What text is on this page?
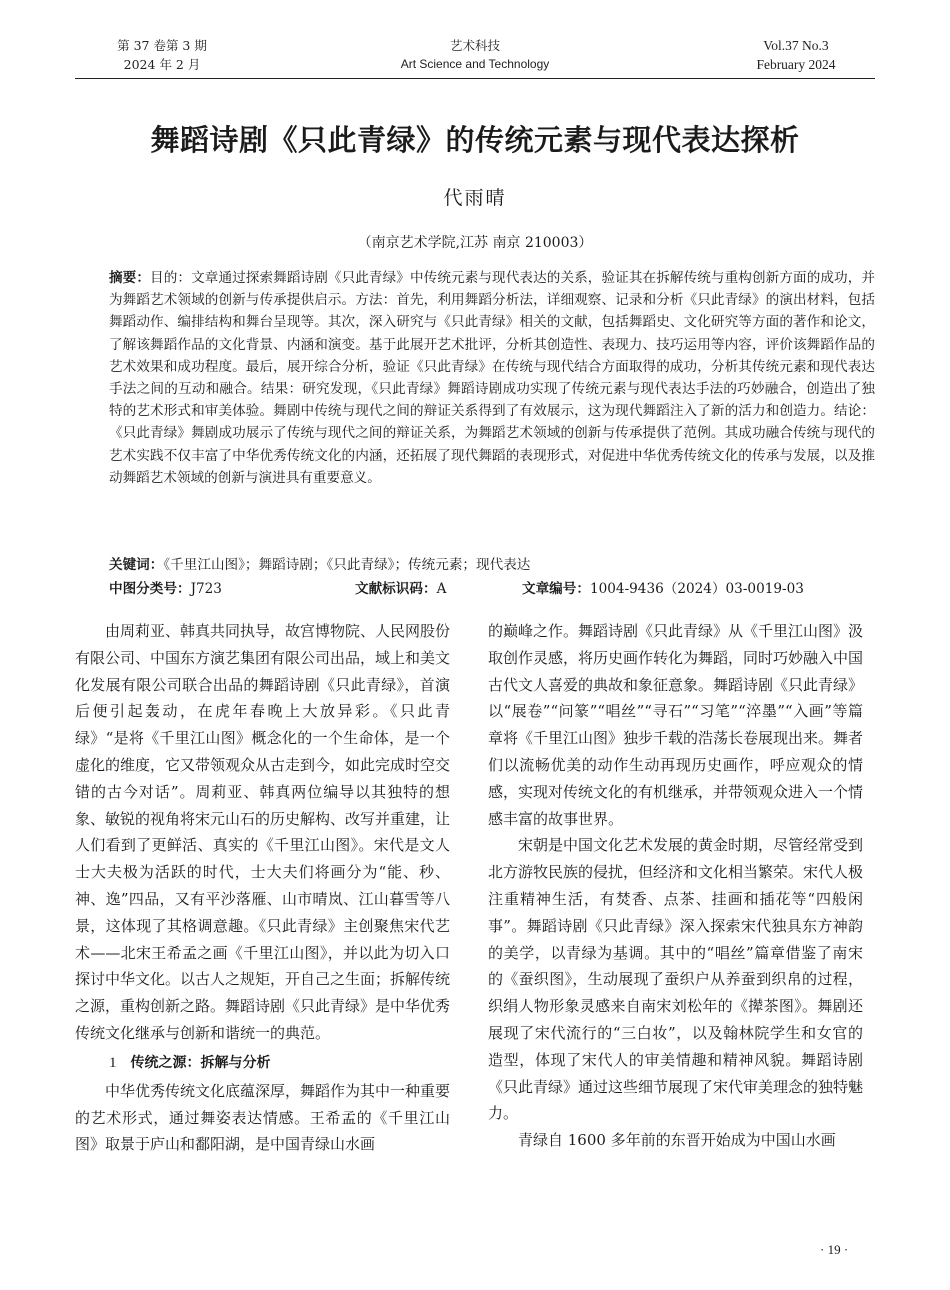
第 37 卷第 3 期
2024 年 2 月
艺术科技
Art Science and Technology
Vol.37 No.3
February 2024
舞蹈诗剧《只此青绿》的传统元素与现代表达探析
代雨晴
（南京艺术学院,江苏 南京 210003）
摘要：目的：文章通过探索舞蹈诗剧《只此青绿》中传统元素与现代表达的关系，验证其在拆解传统与重构创新方面的成功，并为舞蹈艺术领域的创新与传承提供启示。方法：首先，利用舞蹈分析法，详细观察、记录和分析《只此青绿》的演出材料，包括舞蹈动作、编排结构和舞台呈现等。其次，深入研究与《只此青绿》相关的文献，包括舞蹈史、文化研究等方面的著作和论文，了解该舞蹈作品的文化背景、内涵和演变。基于此展开艺术批评，分析其创造性、表现力、技巧运用等内容，评价该舞蹈作品的艺术效果和成功程度。最后，展开综合分析，验证《只此青绿》在传统与现代结合方面取得的成功，分析其传统元素和现代表达手法之间的互动和融合。结果：研究发现，《只此青绿》舞蹈诗剧成功实现了传统元素与现代表达手法的巧妙融合，创造出了独特的艺术形式和审美体验。舞剧中传统与现代之间的辩证关系得到了有效展示，这为现代舞蹈注入了新的活力和创造力。结论：《只此青绿》舞剧成功展示了传统与现代之间的辩证关系，为舞蹈艺术领域的创新与传承提供了范例。其成功融合传统与现代的艺术实践不仅丰富了中华优秀传统文化的内涵，还拓展了现代舞蹈的表现形式，对促进中华优秀传统文化的传承与发展，以及推动舞蹈艺术领域的创新与演进具有重要意义。
关键词：《千里江山图》；舞蹈诗剧；《只此青绿》；传统元素；现代表达
中图分类号：J723	文献标识码：A	文章编号：1004-9436（2024）03-0019-03

由周莉亚、韩真共同执导，故宫博物院、人民网股份有限公司、中国东方演艺集团有限公司出品，域上和美文化发展有限公司联合出品的舞蹈诗剧《只此青绿》，首演后便引起轰动，在虎年春晚上大放异彩。《只此青绿》“是将《千里江山图》概念化的一个生命体，是一个虚化的维度，它又带领观众从古走到今，如此完成时空交错的古今对话”。周莉亚、韩真两位编导以其独特的想象、敏锐的视角将宋元山石的历史解构、改写并重建，让人们看到了更鲜活、真实的《千里江山图》。宋代是文人士大夫极为活跃的时代，士大夫们将画分为“能、秒、神、逸”四品，又有平沙落雁、山市晴岚、江山暮雪等八景，这体现了其格调意趣。《只此青绿》主创聚焦宋代艺术——北宋王希孟之画《千里江山图》，并以此为切入口探讨中华文化。以古人之规矩，开自己之生面；拆解传统之源，重构创新之路。舞蹈诗剧《只此青绿》是中华优秀传统文化继承与创新和谐统一的典范。

1 传统之源：拆解与分析

中华优秀传统文化底蕴深厚，舞蹈作为其中一种重要的艺术形式，通过舞姿表达情感。王希孟的《千里江山图》取景于庐山和鄱阳湖，是中国青绿山水画

的巅峰之作。舞蹈诗剧《只此青绿》从《千里江山图》汲取创作灵感，将历史画作转化为舞蹈，同时巧妙融入中国古代文人喜爱的典故和象征意象。舞蹈诗剧《只此青绿》以“展卷”“问篆”“唱丝”“寻石”“习笔”“淬墨”“入画”等篇章将《千里江山图》独步千载的浩荡长卷展现出来。舞者们以流畅优美的动作生动再现历史画作，呼应观众的情感，实现对传统文化的有机继承，并带领观众进入一个情感丰富的故事世界。

宋朝是中国文化艺术发展的黄金时期，尽管经常受到北方游牧民族的侵扰，但经济和文化相当繁荣。宋代人极注重精神生活，有焚香、点茶、挂画和插花等“四般闲事”。舞蹈诗剧《只此青绿》深入探索宋代独具东方神韵的美学，以青绿为基调。其中的“唱丝”篇章借鉴了南宋的《蚕织图》，生动展现了蚕织户从养蚕到织帛的过程，织绢人物形象灵感来自南宋刘松年的《撵茶图》。舞剧还展现了宋代流行的“三白妆”，以及翰林院学生和女官的造型，体现了宋代人的审美情趣和精神风貌。舞蹈诗剧《只此青绿》通过这些细节展现了宋代审美理念的独特魅力。

青绿自 1600 多年前的东晋开始成为中国山水画

· 19 ·
